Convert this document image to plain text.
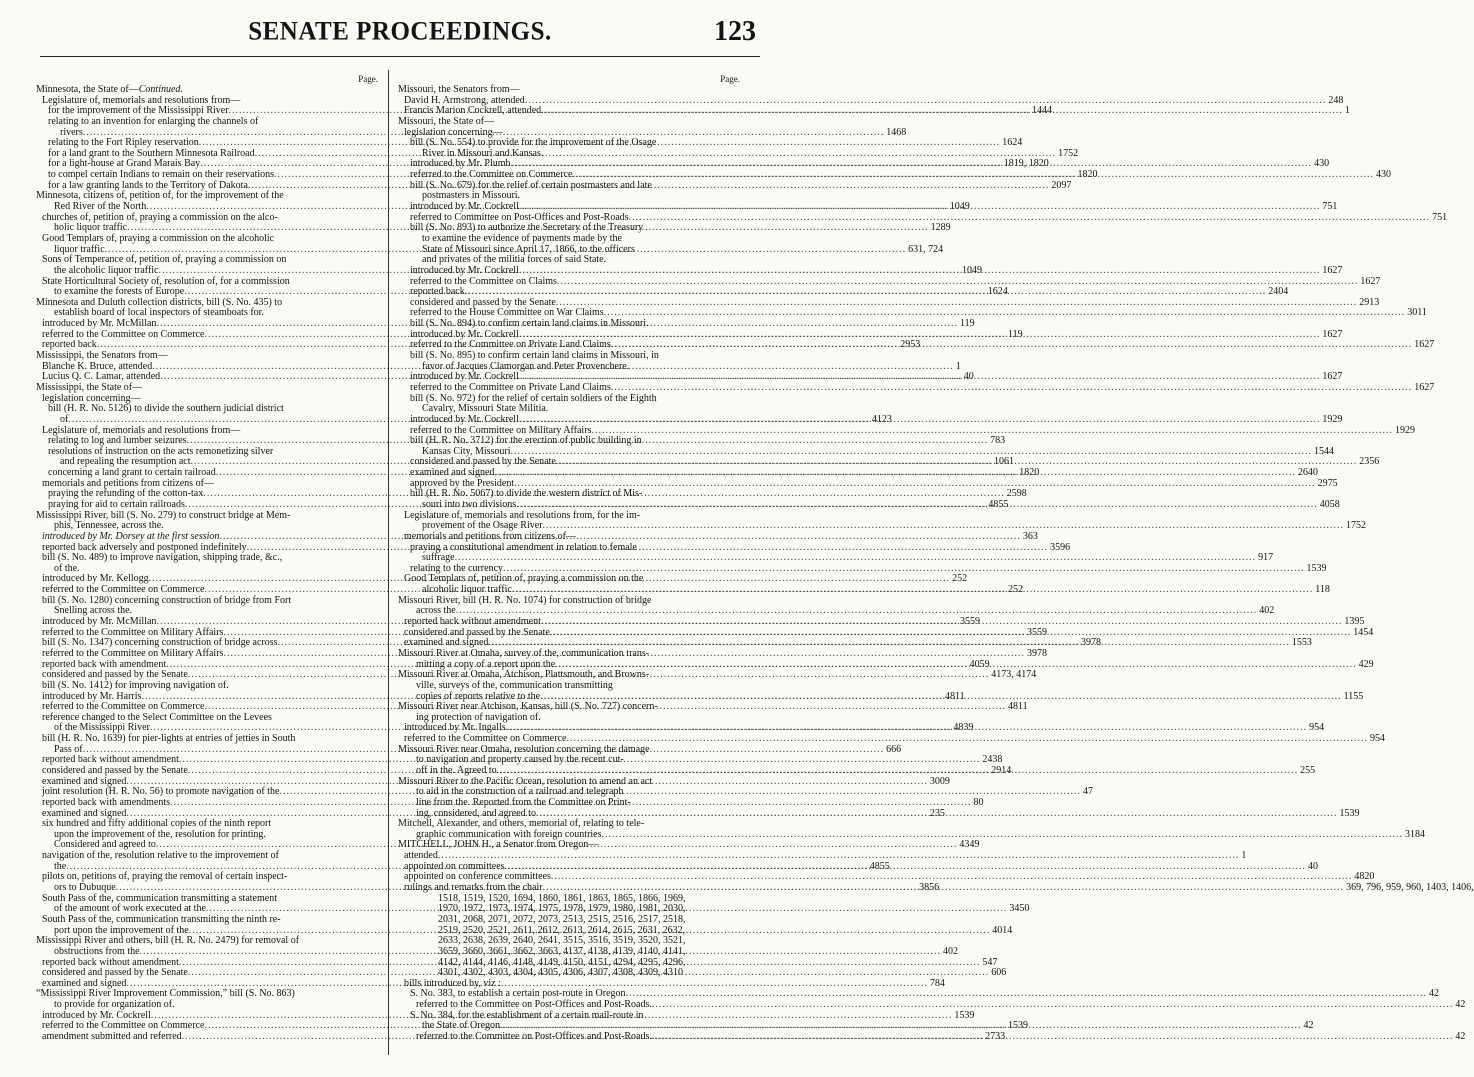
SENATE PROCEEDINGS.	123
Page.
Minnesota, the State of—Continued.
Legislature of, memorials and resolutions from—
for the improvement of the Mississippi River .....	1444
relating to an invention for enlarging the channels of
rivers .....	1468
relating to the Fort Ripley reservation .....	1624
for a land grant to the Southern Minnesota Railroad .....	1752
for a light-house at Grand Marais Bay .....	1819, 1820
to compel certain Indians to remain on their reservations .....	1820
for a law granting lands to the Territory of Dakota .....	2097
Minnesota, citizens of, petition of, for the improvement of the
Red River of the North .....	1049
churches of, petition of, praying a commission on the alco-
holic liquor traffic .....	1289
Good Templars of, praying a commission on the alcoholic
liquor traffic .....	631, 724
Sons of Temperance of, petition of, praying a commission on
the alcoholic liquor traffic .....	1049
State Horticultural Society of, resolution of, for a commission
to examine the forests of Europe .....	1624
Minnesota and Duluth collection districts, bill (S. No. 435) to
establish board of local inspectors of steamboats for.
introduced by Mr. McMillan .....	119
referred to the Committee on Commerce .....	119
reported back .....	2953
Mississippi, the Senators from—
Blanche K. Bruce, attended .....	1
Lucius Q. C. Lamar, attended .....	40
Mississippi, the State of—
legislation concerning—
bill (H. R. No. 5126) to divide the southern judicial district
of .....	4123
Legislature of, memorials and resolutions from—
relating to log and lumber seizures .....	783
resolutions of instruction on the acts remonetizing silver
and repealing the resumption act .....	1061
concerning a land grant to certain railroad .....	1820
memorials and petitions from citizens of—
praying the refunding of the cotton-tax .....	2598
praying for aid to certain railroads .....	4855
Mississippi River, bill (S. No. 279) to construct bridge at Mem-
phis, Tennessee, across the.
introduced by Mr. Dorsey at the first session .....	363
reported back adversely and postponed indefinitely .....	3596
bill (S. No. 489) to improve navigation, shipping trade, &c.,
of the.
introduced by Mr. Kellogg .....	252
referred to the Committee on Commerce .....	252
bill (S. No. 1280) concerning construction of bridge from Fort
Snelling across the.
introduced by Mr. McMillan .....	3559
referred to the Committee on Military Affairs .....	3559
bill (S. No. 1347) concerning construction of bridge across .....	3978
referred to the Committee on Military Affairs .....	3978
reported back with amendment .....	4059
considered and passed by the Senate .....	4173, 4174
bill (S. No. 1412) for improving navigation of.
introduced by Mr. Harris .....	4811
referred to the Committee on Commerce .....	4811
reference changed to the Select Committee on the Levees
of the Mississippi River .....	4839
bill (H. R. No. 1639) for pier-lights at entries of jetties in South
Pass of .....	666
reported back without amendment .....	2438
considered and passed by the Senate .....	2914
examined and signed .....	3009
joint resolution (H. R. No. 56) to promote navigation of the .....	47
reported back with amendments .....	80
examined and signed .....	235
six hundred and fifty additional copies of the ninth report
upon the improvement of the, resolution for printing.
Considered and agreed to .....	4349
navigation of the, resolution relative to the improvement of
the .....	4855
pilots on, petitions of, praying the removal of certain inspect-
ors to Dubuque .....	3856
South Pass of the, communication transmitting a statement
of the amount of work executed at the .....	3450
South Pass of the, communication transmitting the ninth re-
port upon the improvement of the .....	4014
Mississippi River and others, bill (H. R. No. 2479) for removal of
obstructions from the .....	402
reported back without amendment .....	547
considered and passed by the Senate .....	606
examined and signed .....	784
“Mississippi River Improvement Commission,” bill (S. No. 863)
to provide for organization of.
introduced by Mr. Cockrell .....	1539
referred to the Committee on Commerce .....	1539
amendment submitted and referred .....	2733
Page.
Missouri, the Senators from—
David H. Armstrong, attended .....	248
Francis Marion Cockrell, attended .....	1
Missouri, the State of—
legislation concerning—
bill (S. No. 554) to provide for the improvement of the Osage
River in Missouri and Kansas.
introduced by Mr. Plumb .....	430
referred to the Committee on Commerce .....	430
bill (S. No. 679) for the relief of certain postmasters and late
postmasters in Missouri.
introduced by Mr. Cockrell .....	751
referred to Committee on Post-Offices and Post-Roads .....	751
bill (S. No. 893) to authorize the Secretary of the Treasury
to examine the evidence of payments made by the
State of Missouri since April 17, 1866, to the officers
and privates of the militia forces of said State.
introduced by Mr. Cockrell .....	1627
referred to the Committee on Claims .....	1627
reported back .....	2404
considered and passed by the Senate .....	2913
referred to the House Committee on War Claims .....	3011
bill (S. No. 894) to confirm certain land claims in Missouri.
introduced by Mr. Cockrell .....	1627
referred to the Committee on Private Land Claims .....	1627
bill (S. No. 895) to confirm certain land claims in Missouri, in
favor of Jacques Clamorgan and Peter Provenchere.
introduced by Mr. Cockrell .....	1627
referred to the Committee on Private Land Claims .....	1627
bill (S. No. 972) for the relief of certain soldiers of the Eighth
Cavalry, Missouri State Militia.
introduced by Mr. Cockrell .....	1929
referred to the Committee on Military Affairs .....	1929
bill (H. R. No. 3712) for the erection of public building in
Kansas City, Missouri .....	1544
considered and passed by the Senate .....	2356
examined and signed .....	2640
approved by the President .....	2975
bill (H. R. No. 5067) to divide the western district of Mis-
souri into two divisions .....	4058
Legislature of, memorials and resolutions from, for the im-
provement of the Osage River .....	1752
memorials and petitions from citizens of—
praying a constitutional amendment in relation to female
suffrage .....	917
relating to the currency .....	1539
Good Templars of, petition of, praying a commission on the
alcoholic liquor traffic .....	118
Missouri River, bill (H. R. No. 1074) for construction of bridge
across the .....	402
reported back without amendment .....	1395
considered and passed by the Senate .....	1454
examined and signed .....	1553
Missouri River at Omaha, survey of the, communication trans-
mitting a copy of a report upon the .....	429
Missouri River at Omaha, Atchison, Plattsmouth, and Browns-
ville, surveys of the, communication transmitting
copies of reports relative to the .....	1155
Missouri River near Atchison, Kansas, bill (S. No. 727) concern-
ing protection of navigation of.
introduced by Mr. Ingalls .....	954
referred to the Committee on Commerce .....	954
Missouri River near Omaha, resolution concerning the damage
to navigation and property caused by the recent cut-
off in the. Agreed to .....	255
Missouri River to the Pacific Ocean, resolution to amend an act
to aid in the construction of a railroad and telegraph
line from the. Reported from the Committee on Print-
ing, considered, and agreed to .....	1539
Mitchell, Alexander, and others, memorial of, relating to tele-
graphic communication with foreign countries .....	3184
MITCHELL, JOHN H., a Senator from Oregon—
attended .....	1
appointed on committees .....	40
appointed on conference committees .....	4820
rulings and remarks from the chair .....	369, 796, 959, 960, 1403, 1406,
1518, 1519, 1520, 1694, 1860, 1861, 1863, 1865, 1866, 1969,
1970, 1972, 1973, 1974, 1975, 1978, 1979, 1980, 1981, 2030,
2031, 2068, 2071, 2072, 2073, 2513, 2515, 2516, 2517, 2518,
2519, 2520, 2521, 2611, 2612, 2613, 2614, 2615, 2631, 2632,
2633, 2638, 2639, 2640, 2641, 3515, 3516, 3519, 3520, 3521,
3659, 3660, 3661, 3662, 3663, 4137, 4138, 4139, 4140, 4141,
4142, 4144, 4146, 4148, 4149, 4150, 4151, 4294, 4295, 4296,
4301, 4302, 4303, 4304, 4305, 4306, 4307, 4308, 4309, 4310
bills introduced by, viz :
S. No. 383, to establish a certain post-route in Oregon .....	42
referred to the Committee on Post-Offices and Post-Roads. .....	42
S. No. 384, for the establishment of a certain mail-route in
the State of Oregon .....	42
referred to the Committee on Post-Offices and Post-Roads. .....	42
